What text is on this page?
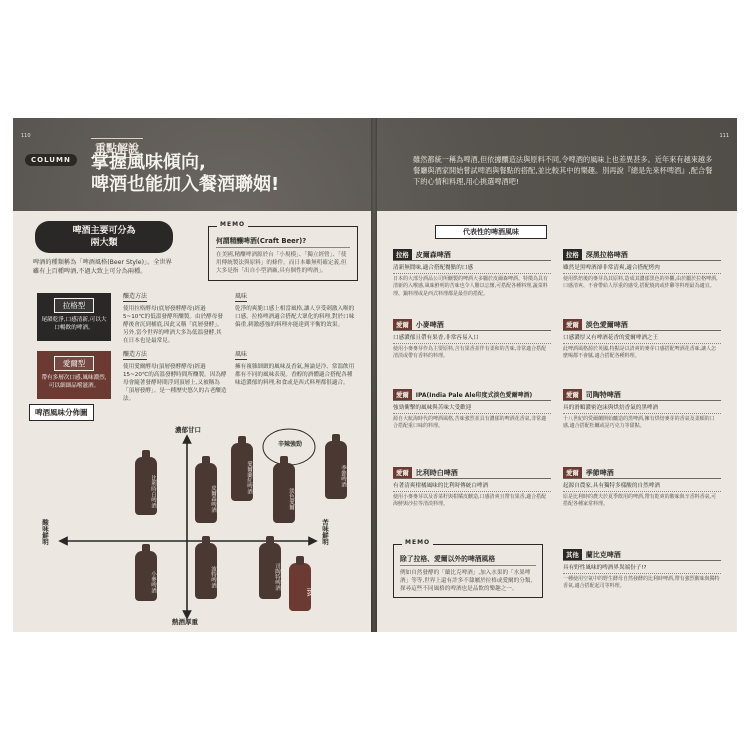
110	111
重點解說
COLUMN	掌握風味傾向,
啤酒也能加入餐酒聯姻!
雖然都統一稱為啤酒,但依據釀造法與原料不同,令啤酒的風味上也差異甚多。近年來有越來越多餐廳與酒家開始嘗試啤酒與餐點的搭配,並比較其中的樂趣。別再說『總是先來杯啤酒』,配合餐下的心情和料理,用心挑選啤酒吧!
啤酒主要可分為
兩大類
啤酒的種類稱為「啤酒風格(Beer Style)」。全世界雖有上百種啤酒,不過大致上可分為兩種。
MEMO
何謂精釀啤酒(Craft Beer)?
在美國,精釀啤酒源於台「小規模」、「獨立經營」、「使用傳統製法與原料」的條件。而日本雖無明確定義,但大多是指「出自小型酒廠,具有個性的啤酒」。
拉格型
尾韻乾淨,口感清新,可以大口暢飲的啤酒。
釀造方法
使用拉格酵母(底層發酵酵母)經過5~10℃的低溫發酵所釀製。由於酵母發酵後會沉到桶底,因此又稱「底層發酵」。另外,當今世界的啤酒大多為低溫發酵,其在日本也是最常見。
風味
乾淨的爽脆口感上相當風格,讓人享受刺激入喉的口感。拉格啤酒適合搭配大眾化的料理,對於口味偏重,刺激感強的料理亦能達到平衡的效果。
愛爾型
帶有多層次口感,風味濃烈,可以細細品嚐滋酒。
釀造方法
使用愛爾酵母(頂層發酵酵母)經過15~20℃的高溫發酵時間所釀製。因為酵母會隨著發酵時間浮到頂層上,又被稱為「頂層發酵」。是一種歷史悠久的古老釀造法。
風味
擁有複雜細緻的風味及香氣,無論是冷、常溫飲用都有不同的風味表現。香醇的酒體適合搭配各種味道濃郁的料理,和食或是西式料理都很適合。
啤酒風味分佈圖
濃郁甘口
熱酒厚重
酸味鮮明	苦味鮮明
辛辣強勁
比利時白啤酒	愛爾蘭紅啤酒
淡色愛爾
小麥啤酒
皮爾森啤酒
波特啤酒
IPA
季節啤酒
司陶特啤酒
代表性的啤酒風味
拉格	皮爾森啤酒
清新無閒味,適合搭配餐點的口感
日本的大部分酒品公司所醸製的啤酒大多屬於皮爾森啤酒。特徵為具有清新的入喉感,風味鮮明的苦味也令人難以忘懷,可搭配各種料理,蔬菜料理、鍋料理或是西式料理都是最佳的搭配。
拉格	深黑拉格啤酒
雖然是黑啤酒卻非常清爽,適合搭配烤肉
使用烘焙後的麥芽為其原料,造成其濃郁黑色的外觀,由於屬於拉格啤酒,口感清爽、不會帶給人厚重的感受,搭配燒肉或炸雞等料理最為適宜。
愛爾	小麥啤酒
口感濃郁且帶有果香,非常容易入口
使用小麥麥芽作為主要原料,含有果香並伴有柔和的苦味,非常適合搭配清淡或帶有香料的料理。
愛爾	淡色愛爾啤酒
口感濃厚又有啤酒花香的愛爾啤酒之王
此啤酒風格源於英國,特點是以清爽的麥芽口感搭配啤酒花香味,讓人怎麼喝都不會膩,適合搭配各種料理。
愛爾	IPA(India Pale Ale印度式淡色愛爾啤酒)
強勁衝擊的風味與苦味大受歡迎
源自大航海時代的啤酒風格,苦味強烈並具有濃郁的啤酒花香氣,非常適合搭配重口味的料理。
愛爾	司陶特啤酒
具的滑順濃密泡沫與烘焙香氣的黑啤酒
十八世紀的愛爾蘭開始釀造的黑啤酒,擁有烘焙麥芽的香氣及柔順的口感,適合搭配牡蠣或是巧克力等甜點。
愛爾	比利時白啤酒
有著清爽柑橘風味的比利時傳統白啤酒
使用小麥麥芽以及香菜籽與柑橘皮醸造,口感清爽且帶有果香,適合搭配海鮮與沙拉等清淡料理。
愛爾	季節啤酒
起源自農家,具有獨特多樣酸的自然啤酒
原是比利時的農夫於夏季飲用的啤酒,帶有乾爽的酸味與辛香料香氣,可搭配各種家常料理。
其他	蘭比克啤酒
具有野性風味的啤酒界異端份子!?
一種使用空氣中的野生酵母自然發酵的比利時啤酒,帶有強烈酸味與獨特香氣,適合搭配起司等料理。
MEMO
除了拉格、愛爾以外的啤酒風格
例如自然發酵的「蘭比克啤酒」,加入水果的「水果啤酒」等等,世界上還有許多不隸屬於拉格或愛爾的分類,探尋這些不同風格的啤酒也是品飲的樂趣之一。
